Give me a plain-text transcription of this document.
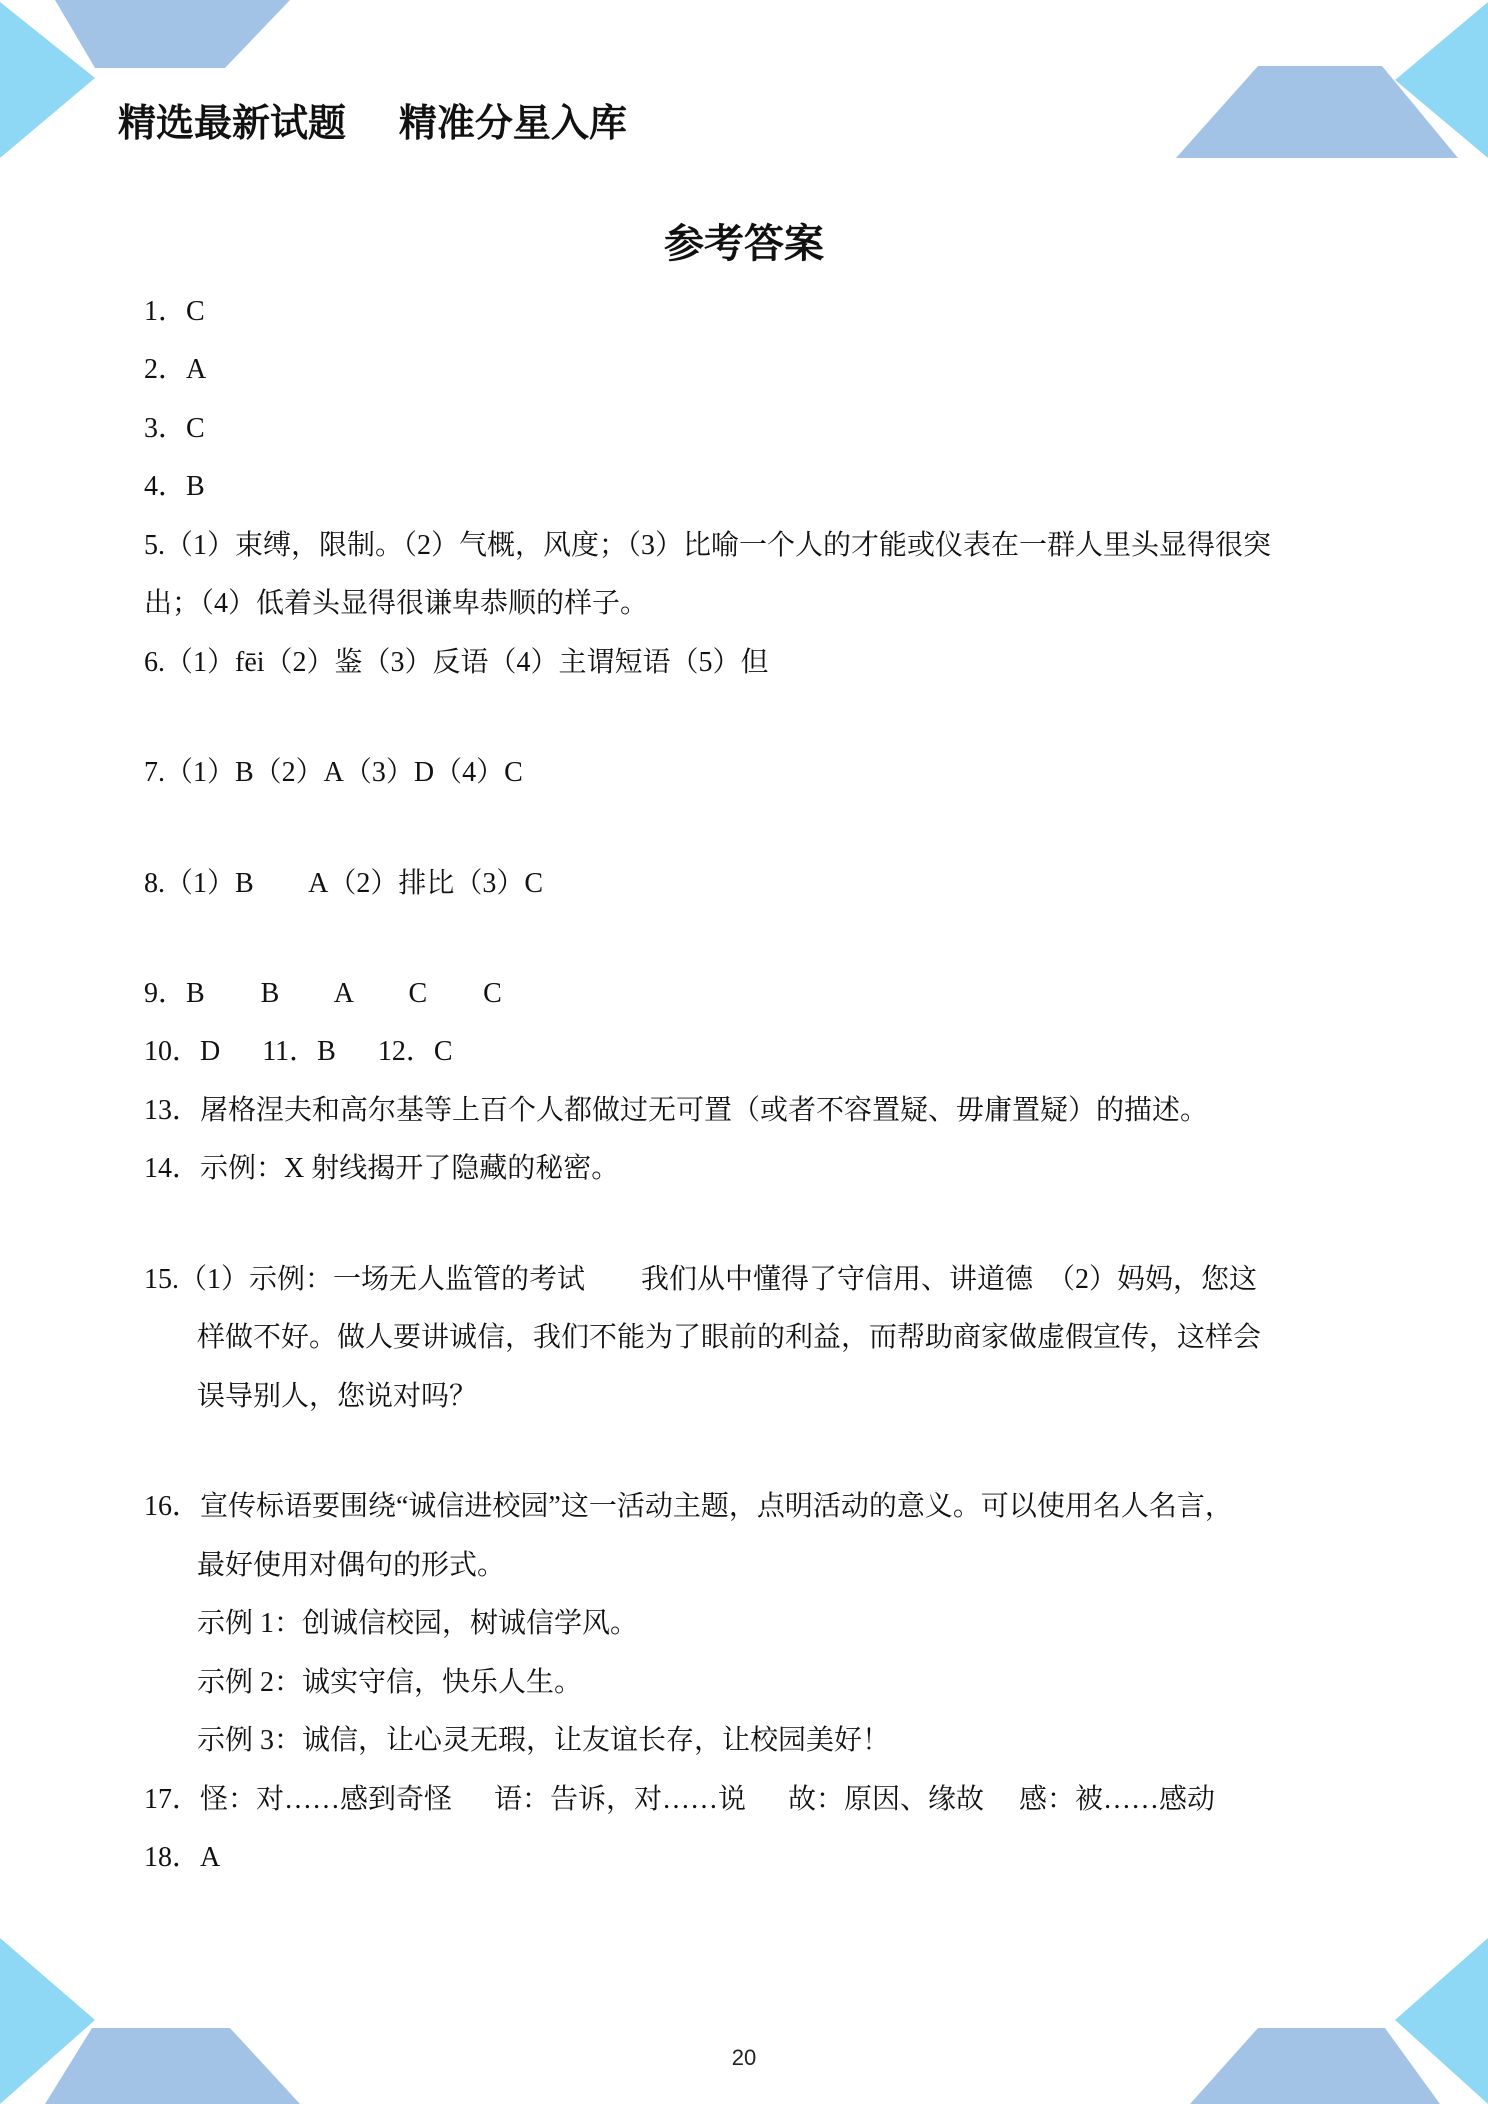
精选最新试题    精准分星入库
参考答案
1．C
2．A
3．C
4．B
5.（1）束缚，限制。（2）气概，风度；（3）比喻一个人的才能或仪表在一群人里头显得很突
出；（4）低着头显得很谦卑恭顺的样子。
6.（1）fēi（2）鉴（3）反语（4）主谓短语（5）但
7.（1）B（2）A（3）D（4）C
8.（1）B        A（2）排比（3）C
9．B        B        A        C        C
10．D      11．B      12．C
13．屠格涅夫和高尔基等上百个人都做过无可置（或者不容置疑、毋庸置疑）的描述。
14．示例：X 射线揭开了隐藏的秘密。
15.（1）示例：一场无人监管的考试        我们从中懂得了守信用、讲道德  （2）妈妈，您这
样做不好。做人要讲诚信，我们不能为了眼前的利益，而帮助商家做虚假宣传，这样会
误导别人，您说对吗？
16．宣传标语要围绕“诚信进校园”这一活动主题，点明活动的意义。可以使用名人名言，
最好使用对偶句的形式。
示例 1：创诚信校园，树诚信学风。
示例 2：诚实守信，快乐人生。
示例 3：诚信，让心灵无瑕，让友谊长存，让校园美好！
17．怪：对……感到奇怪      语：告诉，对……说      故：原因、缘故     感：被……感动
18．A
20
